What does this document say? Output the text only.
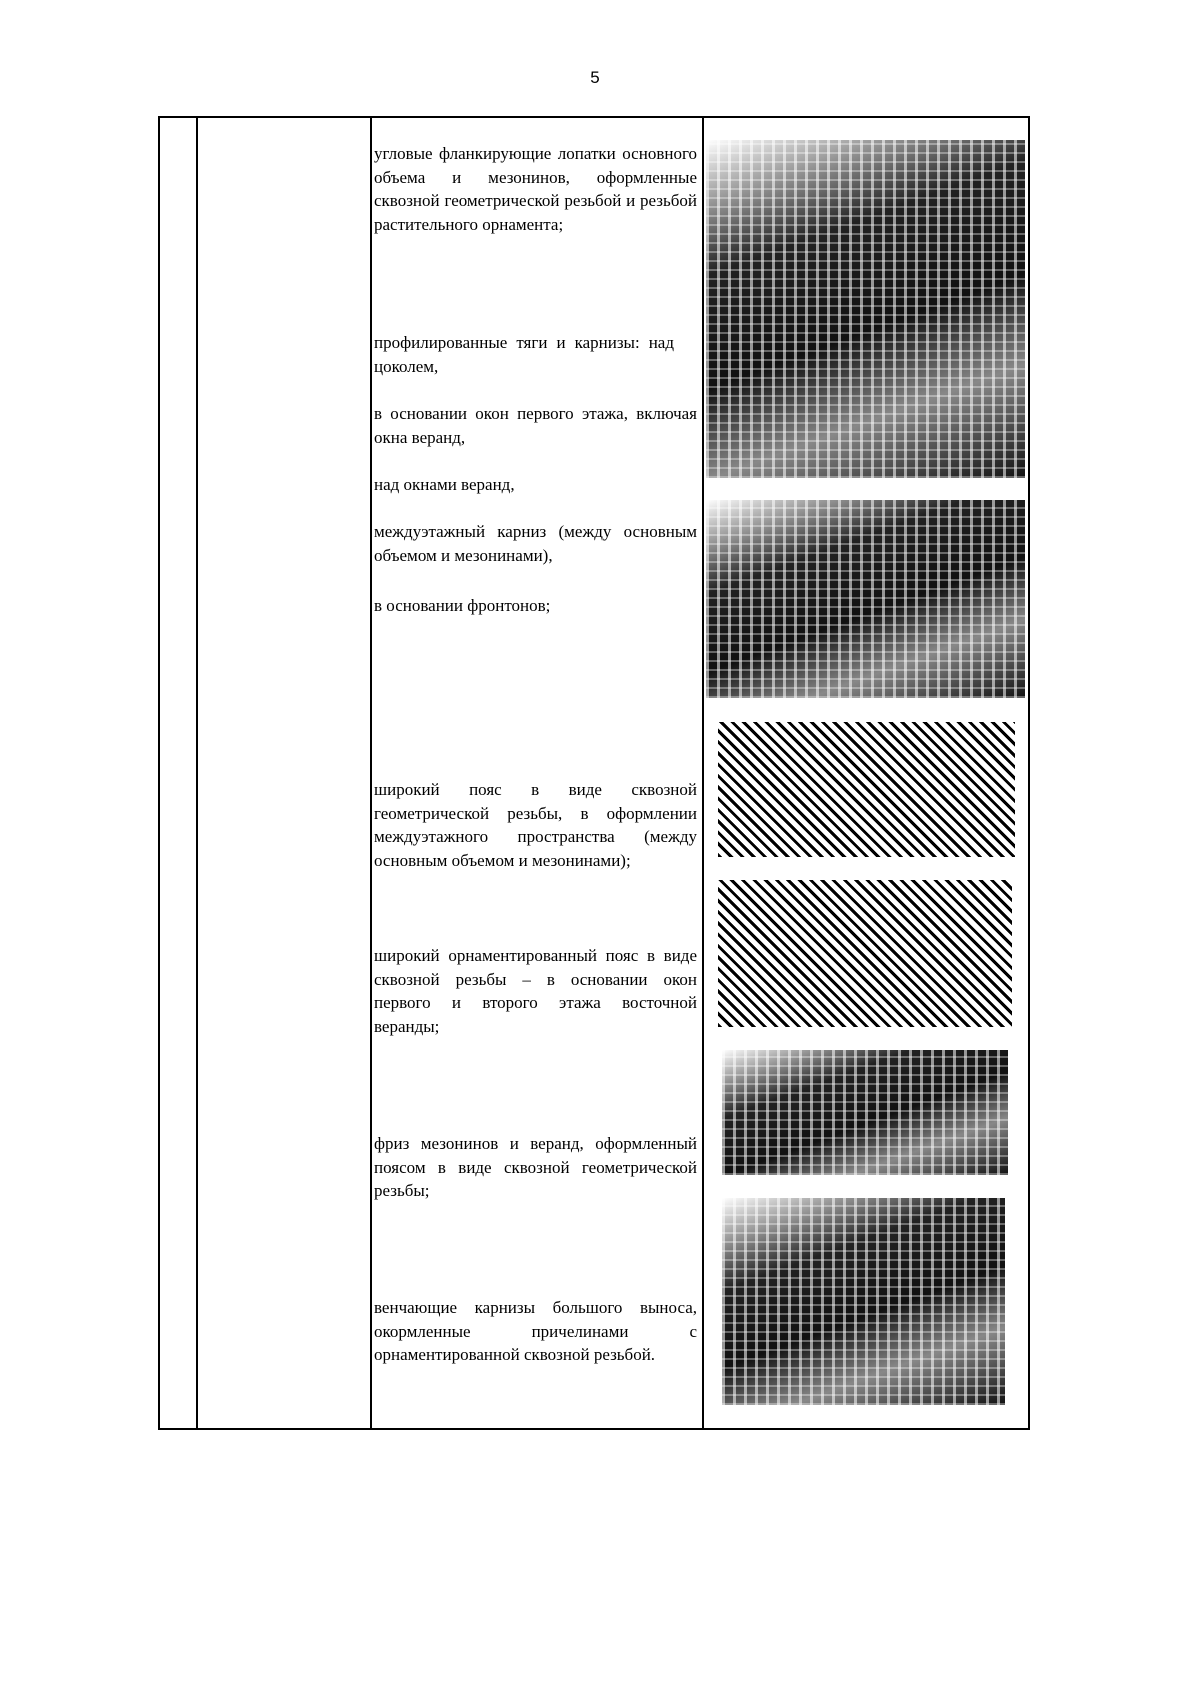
5
угловые фланкирующие лопатки основного объема и мезонинов, оформленные сквозной геометрической резьбой и резьбой растительного орнамента;
профилированные тяги и карнизы: над цоколем,
в основании окон первого этажа, включая окна веранд,
над окнами веранд,
междуэтажный карниз (между основным объемом и мезонинами),
в основании фронтонов;
широкий пояс в виде сквозной геометрической резьбы, в оформлении междуэтажного пространства (между основным объемом и мезонинами);
широкий орнаментированный пояс в виде сквозной резьбы – в основании окон первого и второго этажа восточной веранды;
фриз мезонинов и веранд, оформленный поясом в виде сквозной геометрической резьбы;
венчающие карнизы большого выноса, окормленные причелинами с орнаментированной сквозной резьбой.
